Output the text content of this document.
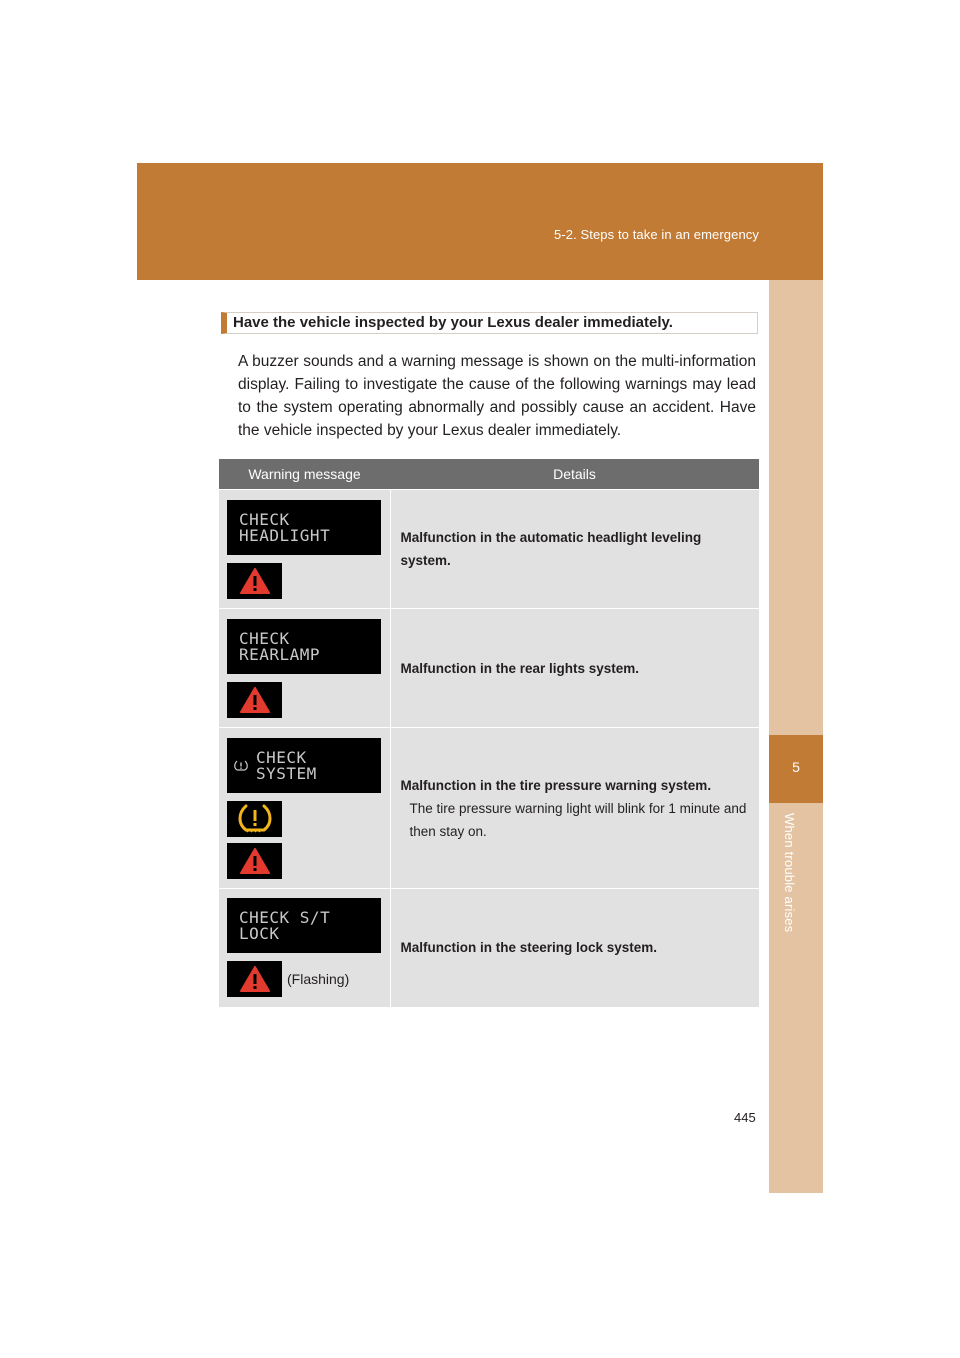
5-2. Steps to take in an emergency
5
When trouble arises
Have the vehicle inspected by your Lexus dealer immediately.

A buzzer sounds and a warning message is shown on the multi-information display. Failing to investigate the cause of the following warnings may lead to the system operating abnormally and possibly cause an accident. Have the vehicle inspected by your Lexus dealer immediately.

Warning message	Details

CHECK
HEADLIGHT	Malfunction in the automatic headlight leveling system.

CHECK
REARLAMP	Malfunction in the rear lights system.

CHECK
SYSTEM	Malfunction in the tire pressure warning system.
The tire pressure warning light will blink for 1 minute and then stay on.

CHECK S/T
LOCK
(Flashing)	Malfunction in the steering lock system.
445
